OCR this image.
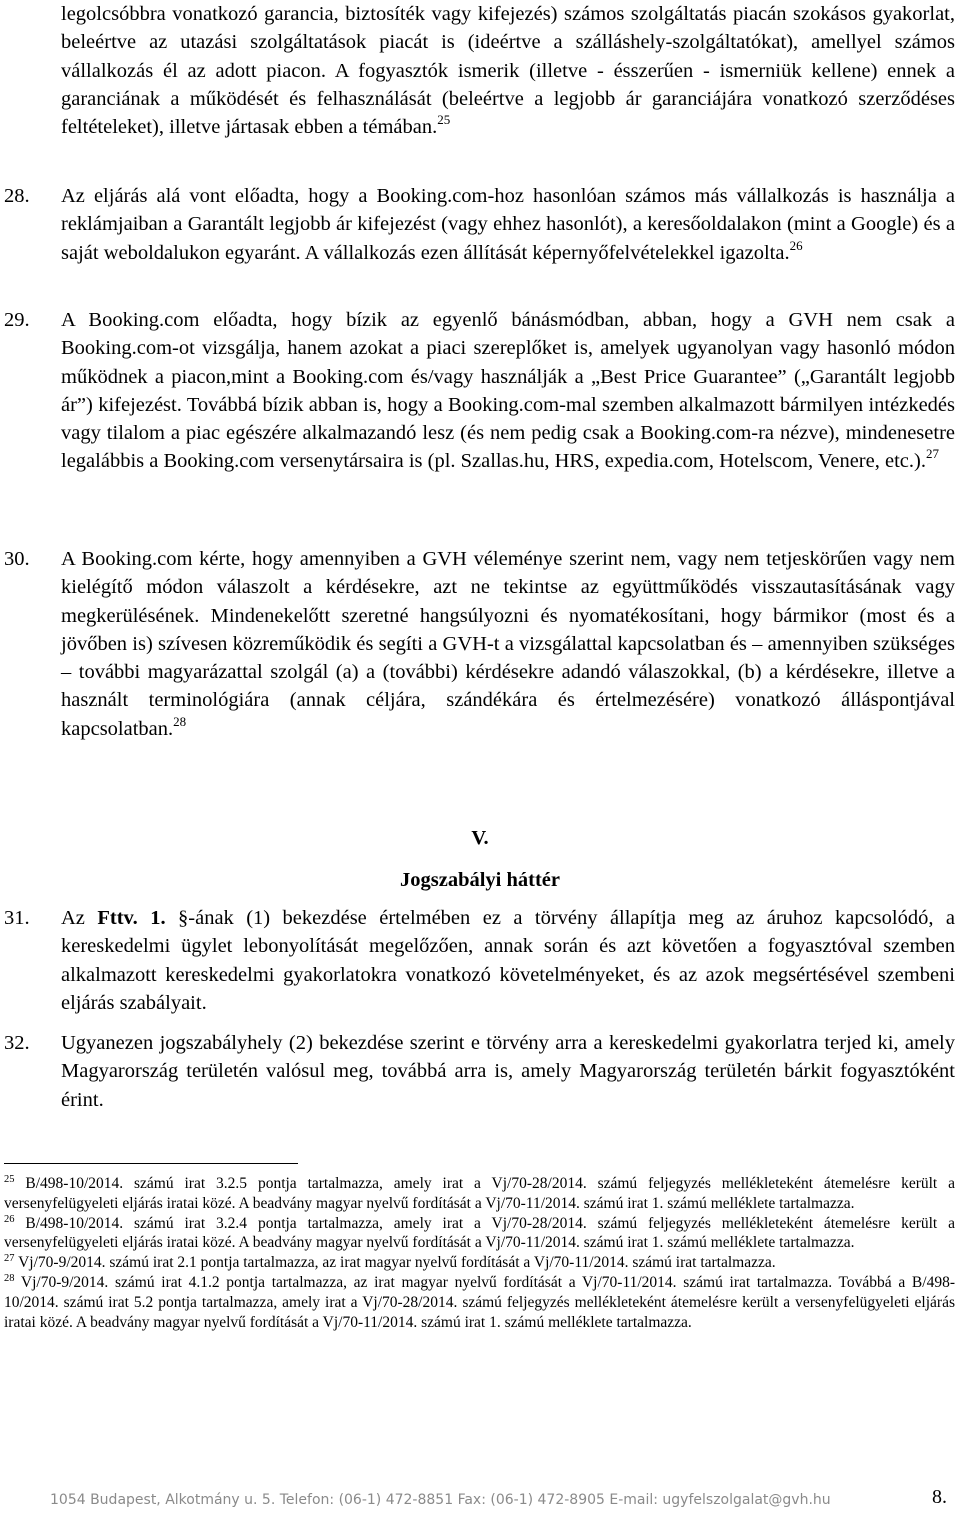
legolcsóbbra vonatkozó garancia, biztosíték vagy kifejezés) számos szolgáltatás piacán szokásos gyakorlat, beleértve az utazási szolgáltatások piacát is (ideértve a szálláshely-szolgáltatókat), amellyel számos vállalkozás él az adott piacon. A fogyasztók ismerik (illetve - ésszerűen - ismerniük kellene) ennek a garanciának a működését és felhasználását (beleértve a legjobb ár garanciájára vonatkozó szerződéses feltételeket), illetve jártasak ebben a témában.$^{25}$

28. Az eljárás alá vont előadta, hogy a Booking.com-hoz hasonlóan számos más vállalkozás is használja a reklámjaiban a Garantált legjobb ár kifejezést (vagy ehhez hasonlót), a keresőoldalakon (mint a Google) és a saját weboldalukon egyaránt. A vállalkozás ezen állítását képernyőfelvételekkel igazolta.$^{26}$
29. A Booking.com előadta, hogy bízik az egyenlő bánásmódban, abban, hogy a GVH nem csak a Booking.com-ot vizsgálja, hanem azokat a piaci szereplőket is, amelyek ugyanolyan vagy hasonló módon működnek a piacon,mint a Booking.com és/vagy használják a „Best Price Guarantee” („Garantált legjobb ár”) kifejezést. Továbbá bízik abban is, hogy a Booking.com-mal szemben alkalmazott bármilyen intézkedés vagy tilalom a piac egészére alkalmazandó lesz (és nem pedig csak a Booking.com-ra nézve), mindenesetre legalábbis a Booking.com versenytársaira is (pl. Szallas.hu, HRS, expedia.com, Hotelscom, Venere, etc.).$^{27}$
30. A Booking.com kérte, hogy amennyiben a GVH véleménye szerint nem, vagy nem tetjeskörűen vagy nem kielégítő módon válaszolt a kérdésekre, azt ne tekintse az együttműködés visszautasításának vagy megkerülésének. Mindenekelőtt szeretné hangsúlyozni és nyomatékosítani, hogy bármikor (most és a jövőben is) szívesen közreműködik és segíti a GVH-t a vizsgálattal kapcsolatban és – amennyiben szükséges – további magyarázattal szolgál (a) a (további) kérdésekre adandó válaszokkal, (b) a kérdésekre, illetve a használt terminológiára (annak céljára, szándékára és értelmezésére) vonatkozó álláspontjával kapcsolatban.$^{28}$
V.
Jogszabályi háttér
31. Az Fttv. 1. §-ának (1) bekezdése értelmében ez a törvény állapítja meg az áruhoz kapcsolódó, a kereskedelmi ügylet lebonyolítását megelőzően, annak során és azt követően a fogyasztóval szemben alkalmazott kereskedelmi gyakorlatokra vonatkozó követelményeket, és az azok megsértésével szembeni eljárás szabályait.
32. Ugyanezen jogszabályhely (2) bekezdése szerint e törvény arra a kereskedelmi gyakorlatra terjed ki, amely Magyarország területén valósul meg, továbbá arra is, amely Magyarország területén bárkit fogyasztóként érint.

$^{25}$ B/498-10/2014. számú irat 3.2.5 pontja tartalmazza, amely irat a Vj/70-28/2014. számú feljegyzés mellékleteként átemelésre került a versenyfelügyeleti eljárás iratai közé. A beadvány magyar nyelvű fordítását a Vj/70-11/2014. számú irat 1. számú melléklete tartalmazza.

$^{26}$ B/498-10/2014. számú irat 3.2.4 pontja tartalmazza, amely irat a Vj/70-28/2014. számú feljegyzés mellékleteként átemelésre került a versenyfelügyeleti eljárás iratai közé. A beadvány magyar nyelvű fordítását a Vj/70-11/2014. számú irat 1. számú melléklete tartalmazza.

$^{27}$ Vj/70-9/2014. számú irat 2.1 pontja tartalmazza, az irat magyar nyelvű fordítását a Vj/70-11/2014. számú irat tartalmazza.

$^{28}$ Vj/70-9/2014. számú irat 4.1.2 pontja tartalmazza, az irat magyar nyelvű fordítását a Vj/70-11/2014. számú irat tartalmazza. Továbbá a B/498-10/2014. számú irat 5.2 pontja tartalmazza, amely irat a Vj/70-28/2014. számú feljegyzés mellékleteként átemelésre került a versenyfelügyeleti eljárás iratai közé. A beadvány magyar nyelvű fordítását a Vj/70-11/2014. számú irat 1. számú melléklete tartalmazza.

1054 Budapest, Alkotmány u. 5. Telefon: (06-1) 472-8851 Fax: (06-1) 472-8905 E-mail: ugyfelszolgalat@gvh.hu	8.
